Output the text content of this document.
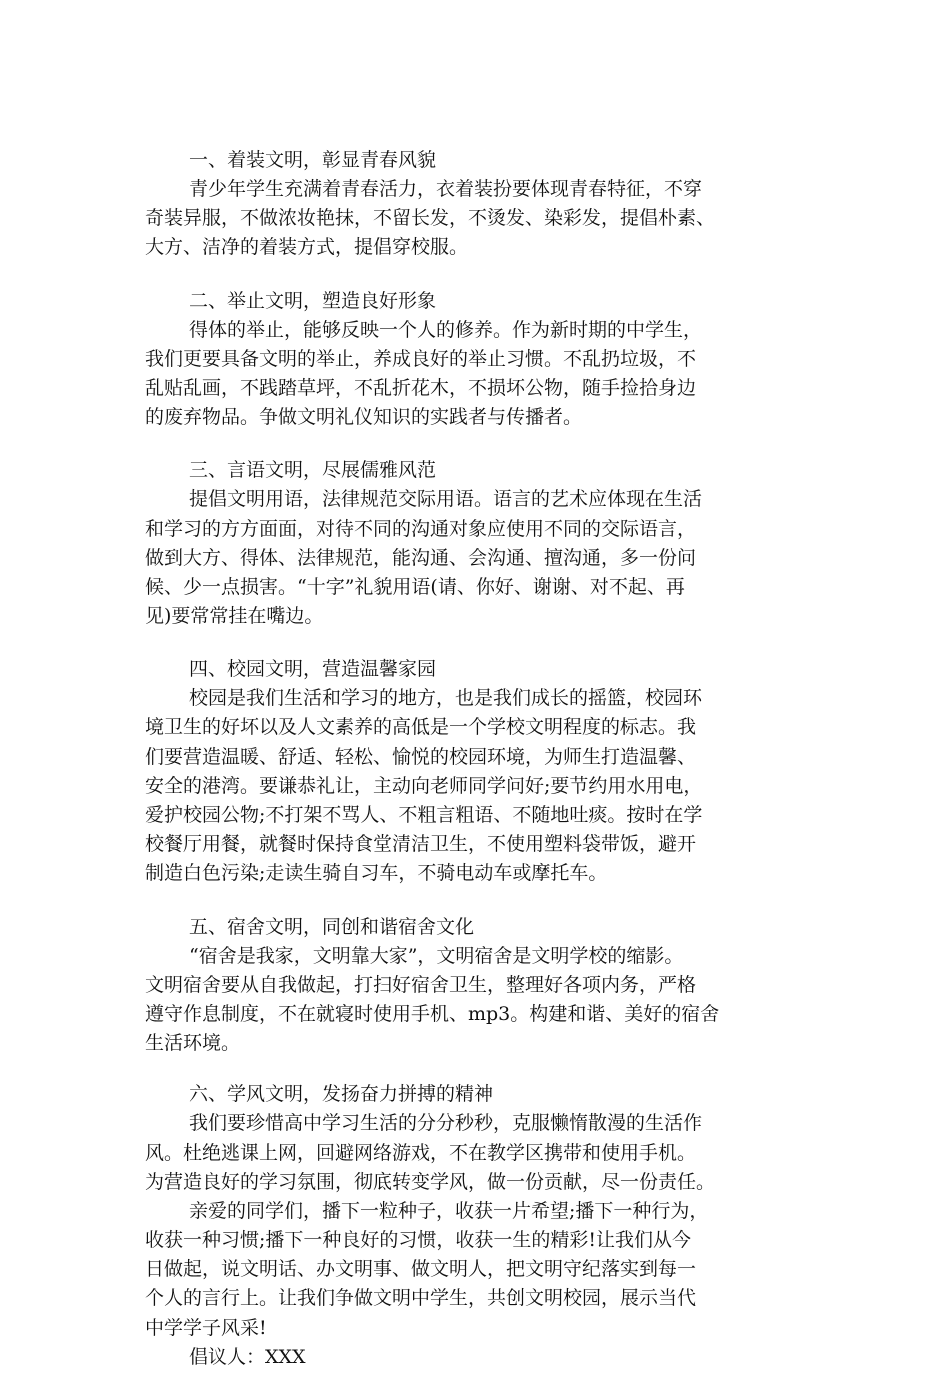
一、着装文明，彰显青春风貌
青少年学生充满着青春活力，衣着装扮要体现青春特征，不穿
奇装异服，不做浓妆艳抹，不留长发，不烫发、染彩发，提倡朴素、
大方、洁净的着装方式，提倡穿校服。
二、举止文明，塑造良好形象
得体的举止，能够反映一个人的修养。作为新时期的中学生，
我们更要具备文明的举止，养成良好的举止习惯。不乱扔垃圾，不
乱贴乱画，不践踏草坪，不乱折花木，不损坏公物，随手捡拾身边
的废弃物品。争做文明礼仪知识的实践者与传播者。
三、言语文明，尽展儒雅风范
提倡文明用语，法律规范交际用语。语言的艺术应体现在生活
和学习的方方面面，对待不同的沟通对象应使用不同的交际语言，
做到大方、得体、法律规范，能沟通、会沟通、擅沟通，多一份问
候、少一点损害。“十字”礼貌用语(请、你好、谢谢、对不起、再
见)要常常挂在嘴边。
四、校园文明，营造温馨家园
校园是我们生活和学习的地方，也是我们成长的摇篮，校园环
境卫生的好坏以及人文素养的高低是一个学校文明程度的标志。我
们要营造温暖、舒适、轻松、愉悦的校园环境，为师生打造温馨、
安全的港湾。要谦恭礼让，主动向老师同学问好;要节约用水用电，
爱护校园公物;不打架不骂人、不粗言粗语、不随地吐痰。按时在学
校餐厅用餐，就餐时保持食堂清洁卫生，不使用塑料袋带饭，避开
制造白色污染;走读生骑自习车，不骑电动车或摩托车。
五、宿舍文明，同创和谐宿舍文化
“宿舍是我家，文明靠大家”，文明宿舍是文明学校的缩影。
文明宿舍要从自我做起，打扫好宿舍卫生，整理好各项内务，严格
遵守作息制度，不在就寝时使用手机、mp3。构建和谐、美好的宿舍
生活环境。
六、学风文明，发扬奋力拼搏的精神
我们要珍惜高中学习生活的分分秒秒，克服懒惰散漫的生活作
风。杜绝逃课上网，回避网络游戏，不在教学区携带和使用手机。
为营造良好的学习氛围，彻底转变学风，做一份贡献，尽一份责任。
亲爱的同学们，播下一粒种子，收获一片希望;播下一种行为，
收获一种习惯;播下一种良好的习惯，收获一生的精彩!让我们从今
日做起，说文明话、办文明事、做文明人，把文明守纪落实到每一
个人的言行上。让我们争做文明中学生，共创文明校园，展示当代
中学学子风采!
倡议人：XXX
